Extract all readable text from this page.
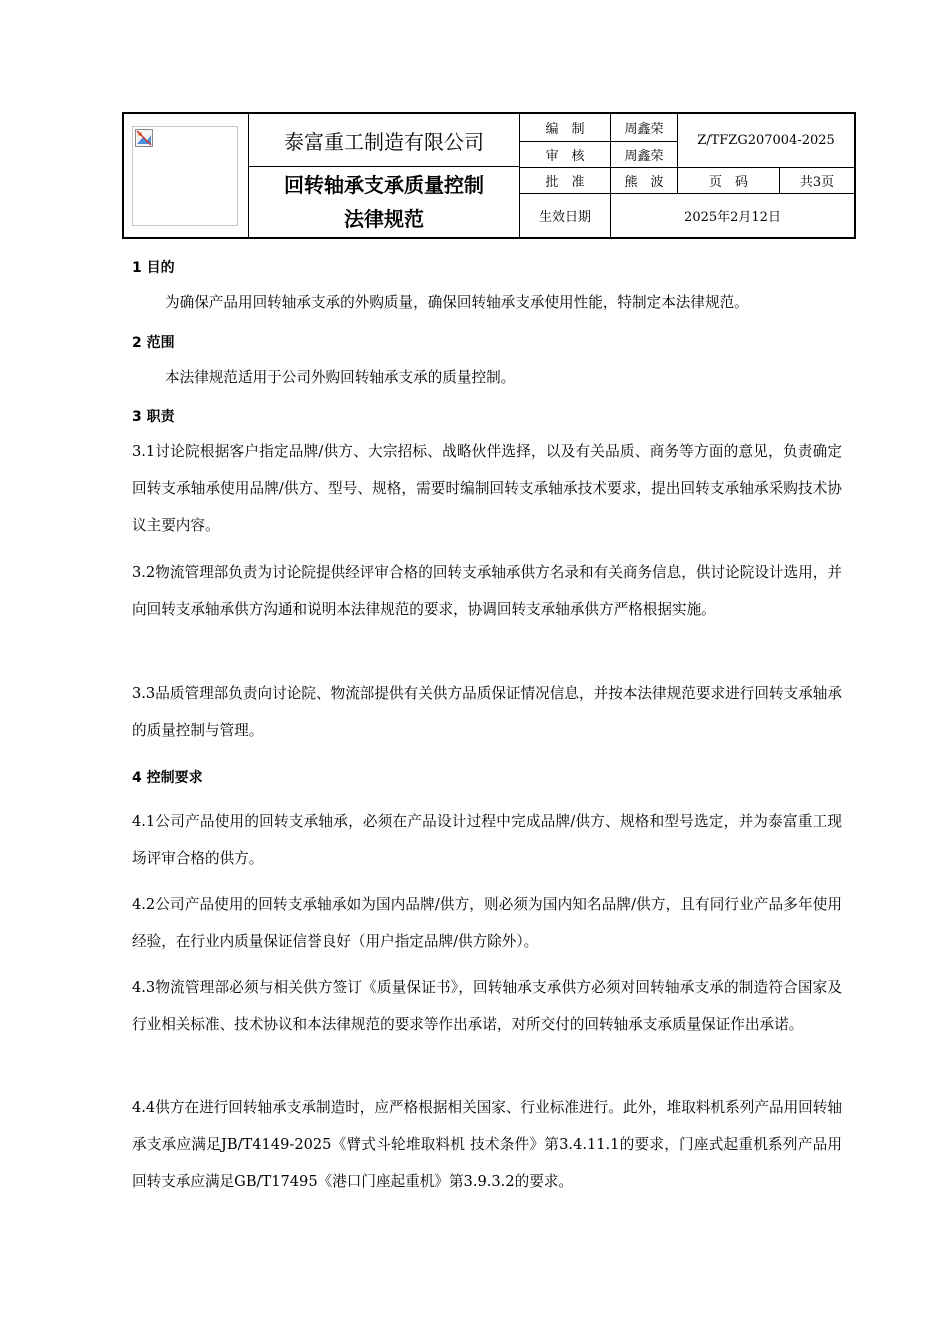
泰富重工制造有限公司
回转轴承支承质量控制
法律规范
编　制	周鑫荣
审　核	周鑫荣
Z/TFZG207004-2025
批　准	熊　波	页　码	共3页
生效日期	2025年2月12日
1 目的
为确保产品用回转轴承支承的外购质量，确保回转轴承支承使用性能，特制定本法律规范。
2 范围
本法律规范适用于公司外购回转轴承支承的质量控制。
3 职责
3.1讨论院根据客户指定品牌/供方、大宗招标、战略伙伴选择，以及有关品质、商务等方面的意见，负责确定回转支承轴承使用品牌/供方、型号、规格，需要时编制回转支承轴承技术要求，提出回转支承轴承采购技术协议主要内容。
3.2物流管理部负责为讨论院提供经评审合格的回转支承轴承供方名录和有关商务信息，供讨论院设计选用，并向回转支承轴承供方沟通和说明本法律规范的要求，协调回转支承轴承供方严格根据实施。
3.3品质管理部负责向讨论院、物流部提供有关供方品质保证情况信息，并按本法律规范要求进行回转支承轴承的质量控制与管理。
4 控制要求
4.1公司产品使用的回转支承轴承，必须在产品设计过程中完成品牌/供方、规格和型号选定，并为泰富重工现场评审合格的供方。
4.2公司产品使用的回转支承轴承如为国内品牌/供方，则必须为国内知名品牌/供方，且有同行业产品多年使用经验，在行业内质量保证信誉良好（用户指定品牌/供方除外）。
4.3物流管理部必须与相关供方签订《质量保证书》，回转轴承支承供方必须对回转轴承支承的制造符合国家及行业相关标准、技术协议和本法律规范的要求等作出承诺，对所交付的回转轴承支承质量保证作出承诺。
4.4供方在进行回转轴承支承制造时，应严格根据相关国家、行业标准进行。此外，堆取料机系列产品用回转轴承支承应满足JB/T4149-2025《臂式斗轮堆取料机 技术条件》第3.4.11.1的要求，门座式起重机系列产品用回转支承应满足GB/T17495《港口门座起重机》第3.9.3.2的要求。
